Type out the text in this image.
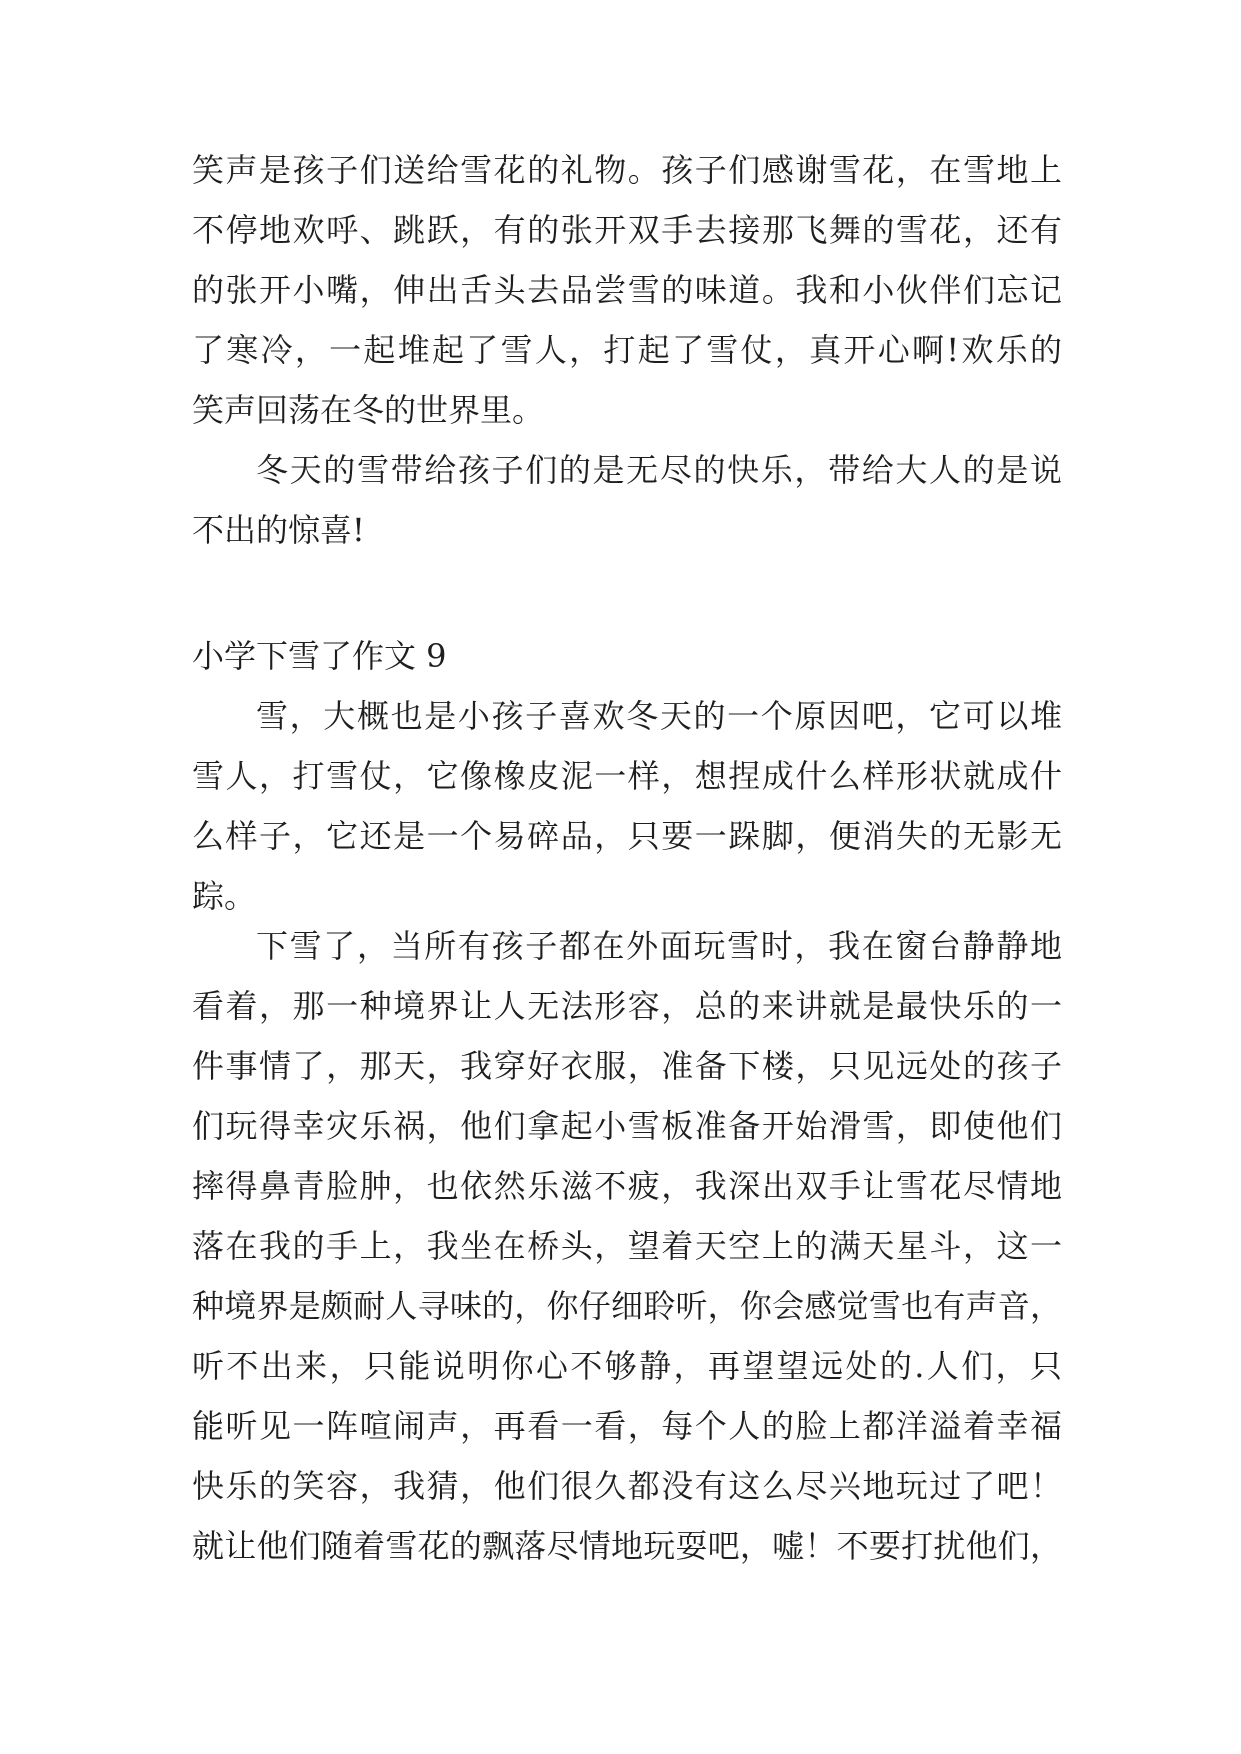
笑声是孩子们送给雪花的礼物。孩子们感谢雪花，在雪地上
不停地欢呼、跳跃，有的张开双手去接那飞舞的雪花，还有
的张开小嘴，伸出舌头去品尝雪的味道。我和小伙伴们忘记
了寒冷，一起堆起了雪人，打起了雪仗，真开心啊!欢乐的
笑声回荡在冬的世界里。
冬天的雪带给孩子们的是无尽的快乐，带给大人的是说
不出的惊喜!
小学下雪了作文 9
雪，大概也是小孩子喜欢冬天的一个原因吧，它可以堆
雪人，打雪仗，它像橡皮泥一样，想捏成什么样形状就成什
么样子，它还是一个易碎品，只要一跺脚，便消失的无影无
踪。
下雪了，当所有孩子都在外面玩雪时，我在窗台静静地
看着，那一种境界让人无法形容，总的来讲就是最快乐的一
件事情了，那天，我穿好衣服，准备下楼，只见远处的孩子
们玩得幸灾乐祸，他们拿起小雪板准备开始滑雪，即使他们
摔得鼻青脸肿，也依然乐滋不疲，我深出双手让雪花尽情地
落在我的手上，我坐在桥头，望着天空上的满天星斗，这一
种境界是颇耐人寻味的，你仔细聆听，你会感觉雪也有声音，
听不出来，只能说明你心不够静，再望望远处的.人们，只
能听见一阵喧闹声，再看一看，每个人的脸上都洋溢着幸福
快乐的笑容，我猜，他们很久都没有这么尽兴地玩过了吧！
就让他们随着雪花的飘落尽情地玩耍吧，嘘！不要打扰他们，
